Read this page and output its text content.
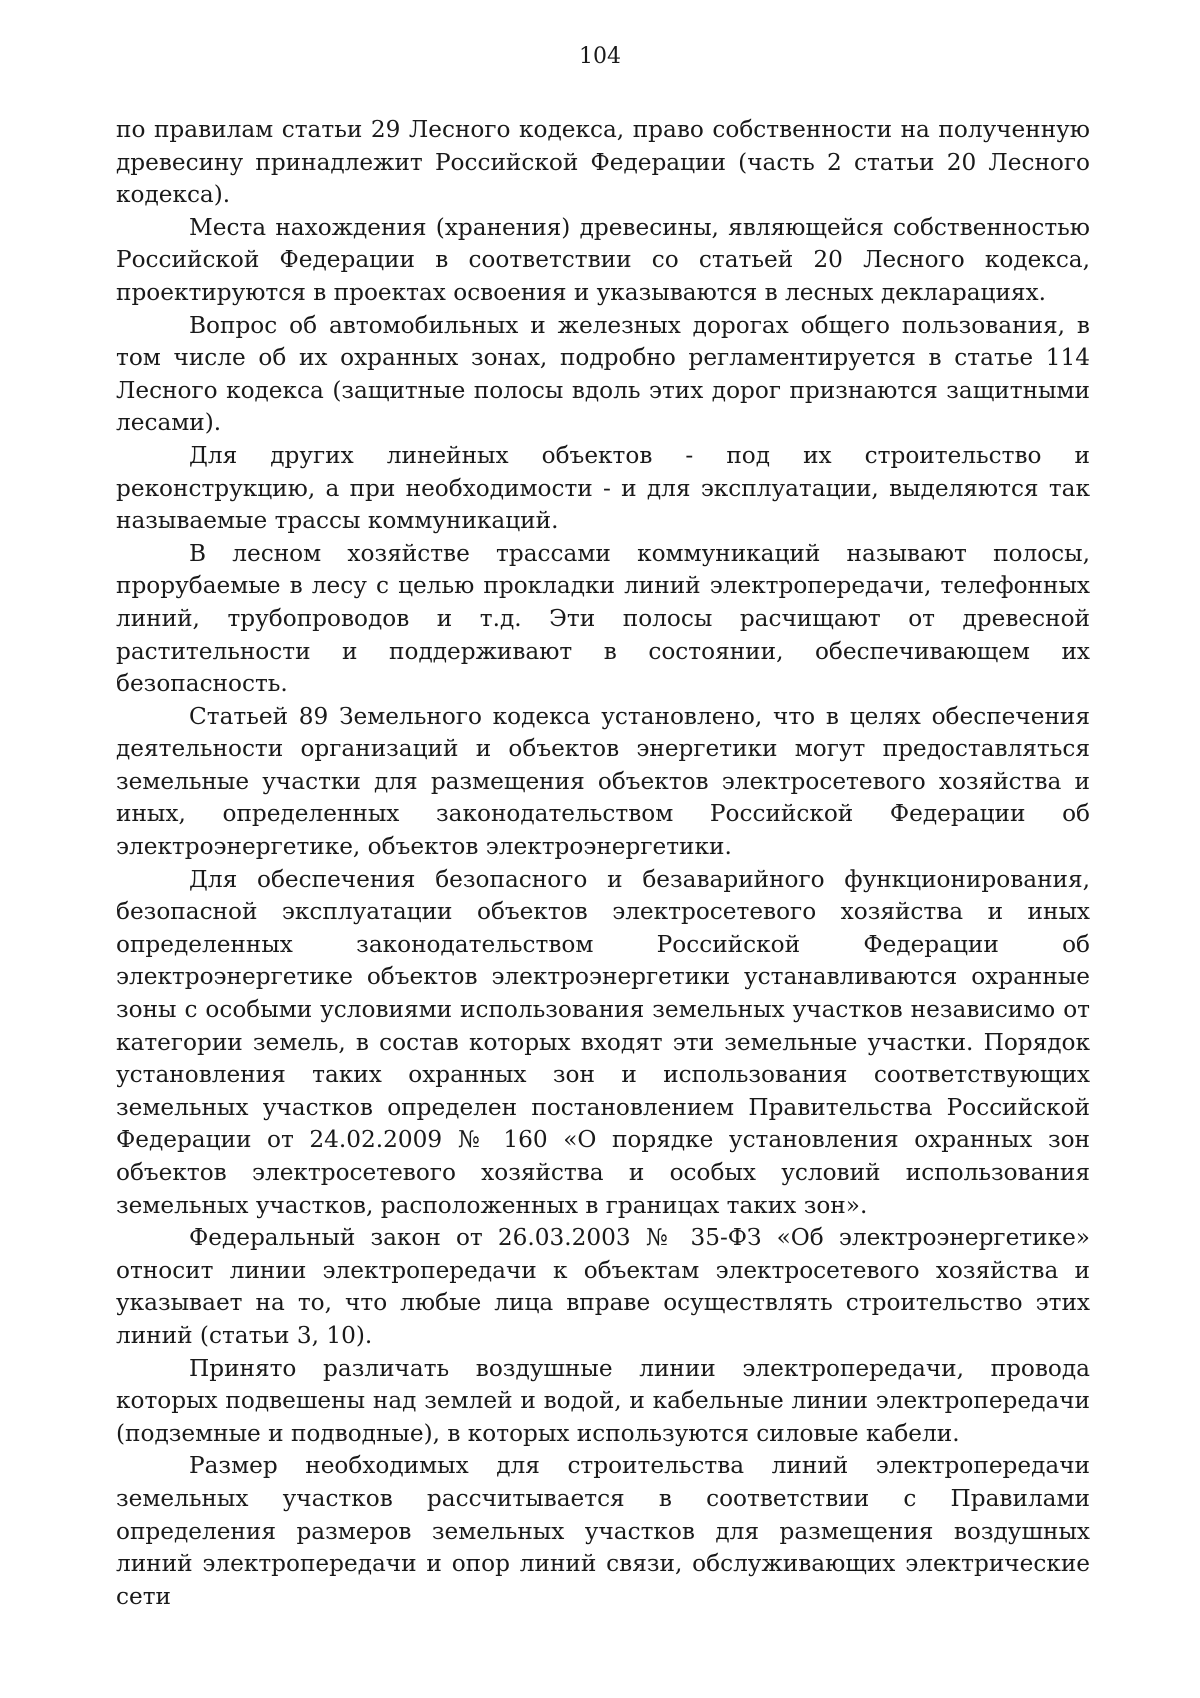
104

по правилам статьи 29 Лесного кодекса, право собственности на полученную древесину принадлежит Российской Федерации (часть 2 статьи 20 Лесного кодекса).

Места нахождения (хранения) древесины, являющейся собственностью Российской Федерации в соответствии со статьей 20 Лесного кодекса, проектируются в проектах освоения и указываются в лесных декларациях.

Вопрос об автомобильных и железных дорогах общего пользования, в том числе об их охранных зонах, подробно регламентируется в статье 114 Лесного кодекса (защитные полосы вдоль этих дорог признаются защитными лесами).

Для других линейных объектов - под их строительство и реконструкцию, а при необходимости - и для эксплуатации, выделяются так называемые трассы коммуникаций.

В лесном хозяйстве трассами коммуникаций называют полосы, прорубаемые в лесу с целью прокладки линий электропередачи, телефонных линий, трубопроводов и т.д. Эти полосы расчищают от древесной растительности и поддерживают в состоянии, обеспечивающем их безопасность.

Статьей 89 Земельного кодекса установлено, что в целях обеспечения деятельности организаций и объектов энергетики могут предоставляться земельные участки для размещения объектов электросетевого хозяйства и иных, определенных законодательством Российской Федерации об электроэнергетике, объектов электроэнергетики.

Для обеспечения безопасного и безаварийного функционирования, безопасной эксплуатации объектов электросетевого хозяйства и иных определенных законодательством Российской Федерации об электроэнергетике объектов электроэнергетики устанавливаются охранные зоны с особыми условиями использования земельных участков независимо от категории земель, в состав которых входят эти земельные участки. Порядок установления таких охранных зон и использования соответствующих земельных участков определен постановлением Правительства Российской Федерации от 24.02.2009 № 160 «О порядке установления охранных зон объектов электросетевого хозяйства и особых условий использования земельных участков, расположенных в границах таких зон».

Федеральный закон от 26.03.2003 № 35-ФЗ «Об электроэнергетике» относит линии электропередачи к объектам электросетевого хозяйства и указывает на то, что любые лица вправе осуществлять строительство этих линий (статьи 3, 10).

Принято различать воздушные линии электропередачи, провода которых подвешены над землей и водой, и кабельные линии электропередачи (подземные и подводные), в которых используются силовые кабели.

Размер необходимых для строительства линий электропередачи земельных участков рассчитывается в соответствии с Правилами определения размеров земельных участков для размещения воздушных линий электропередачи и опор линий связи, обслуживающих электрические сети
